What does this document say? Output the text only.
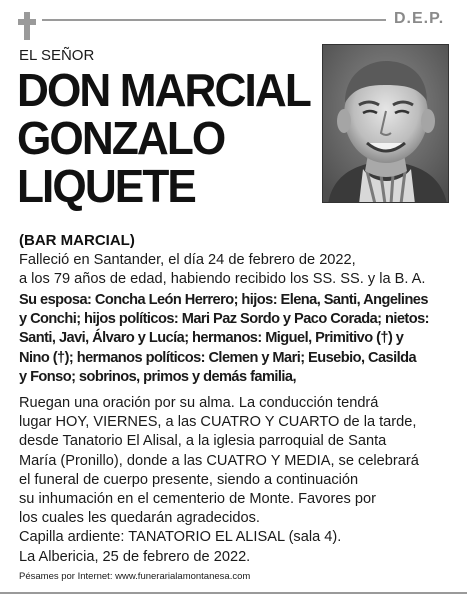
D.E.P.
EL SEÑOR
DON MARCIAL
GONZALO
LIQUETE
(BAR MARCIAL)
Falleció en Santander, el día 24 de febrero de 2022,
a los 79 años de edad, habiendo recibido los SS. SS. y la B. A.
Su esposa: Concha León Herrero; hijos: Elena, Santi, Angelines
y Conchi; hijos políticos: Mari Paz Sordo y Paco Corada; nietos:
Santi, Javi, Álvaro y Lucía; hermanos: Miguel, Primitivo (†) y
Nino (†); hermanos políticos: Clemen y Mari; Eusebio, Casilda
y Fonso; sobrinos, primos y demás familia,
Ruegan una oración por su alma. La conducción tendrá
lugar HOY, VIERNES, a las CUATRO Y CUARTO de la tarde,
desde Tanatorio El Alisal, a la iglesia parroquial de Santa
María (Pronillo), donde a las CUATRO Y MEDIA, se celebrará
el funeral de cuerpo presente, siendo a continuación
su inhumación en el cementerio de Monte. Favores por
los cuales les quedarán agradecidos.
Capilla ardiente: TANATORIO EL ALISAL (sala 4).
La Albericia, 25 de febrero de 2022.
Pésames por Internet: www.funerarialamontanesa.com
